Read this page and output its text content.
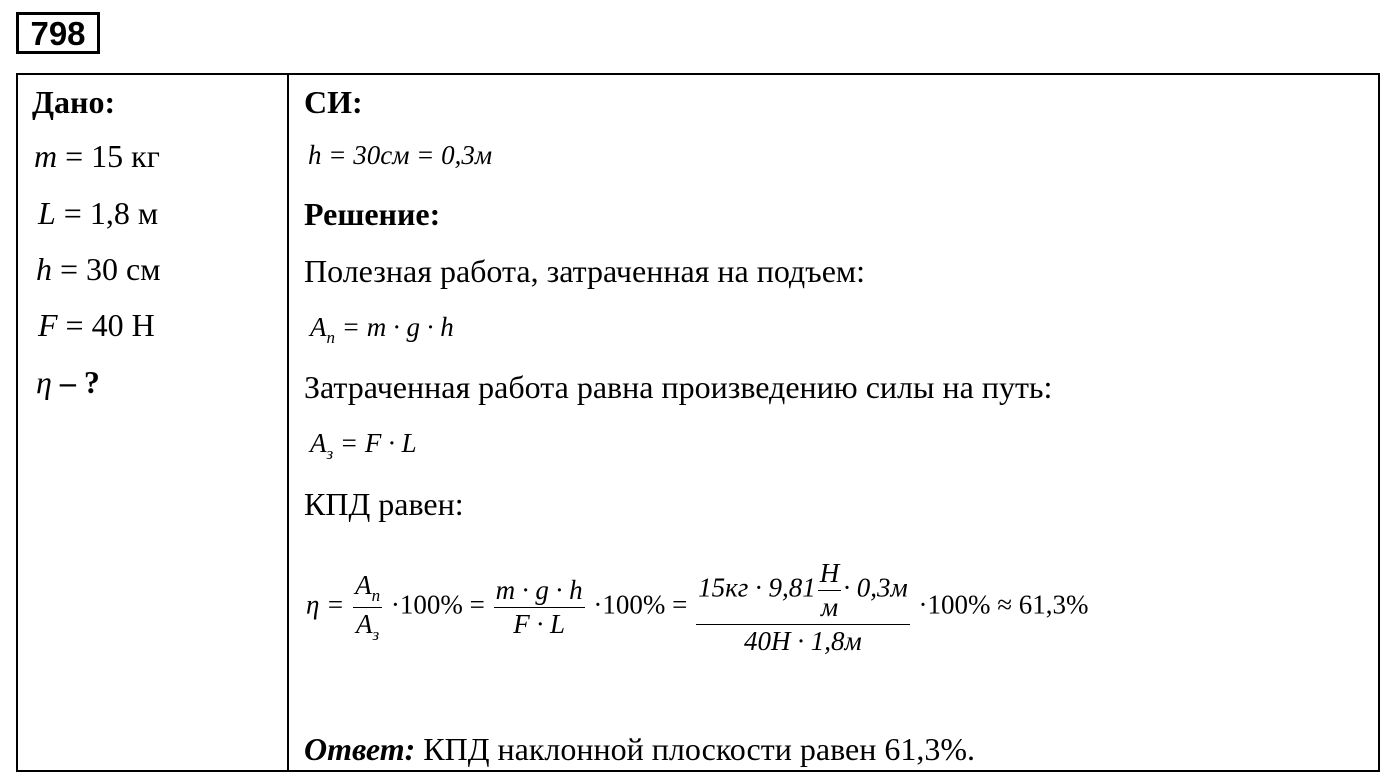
798
Дано:
m = 15 кг
L = 1,8 м
h = 30 см
F = 40 Н
η – ?
СИ:
h = 30см = 0,3м
Решение:
Полезная работа, затраченная на подъем:
$A_п = m \cdot g \cdot h$
Затраченная работа равна произведению силы на путь:
$A_з = F \cdot L$
КПД равен:
$\eta = \frac{A_п}{A_з} \cdot 100\% = \frac{m \cdot g \cdot h}{F \cdot L} \cdot 100\% = \frac{15кг \cdot 9,81 \frac{Н}{м} \cdot 0,3м}{40Н \cdot 1,8м} \cdot 100\% \approx 61,3\%$
Ответ: КПД наклонной плоскости равен 61,3%.
